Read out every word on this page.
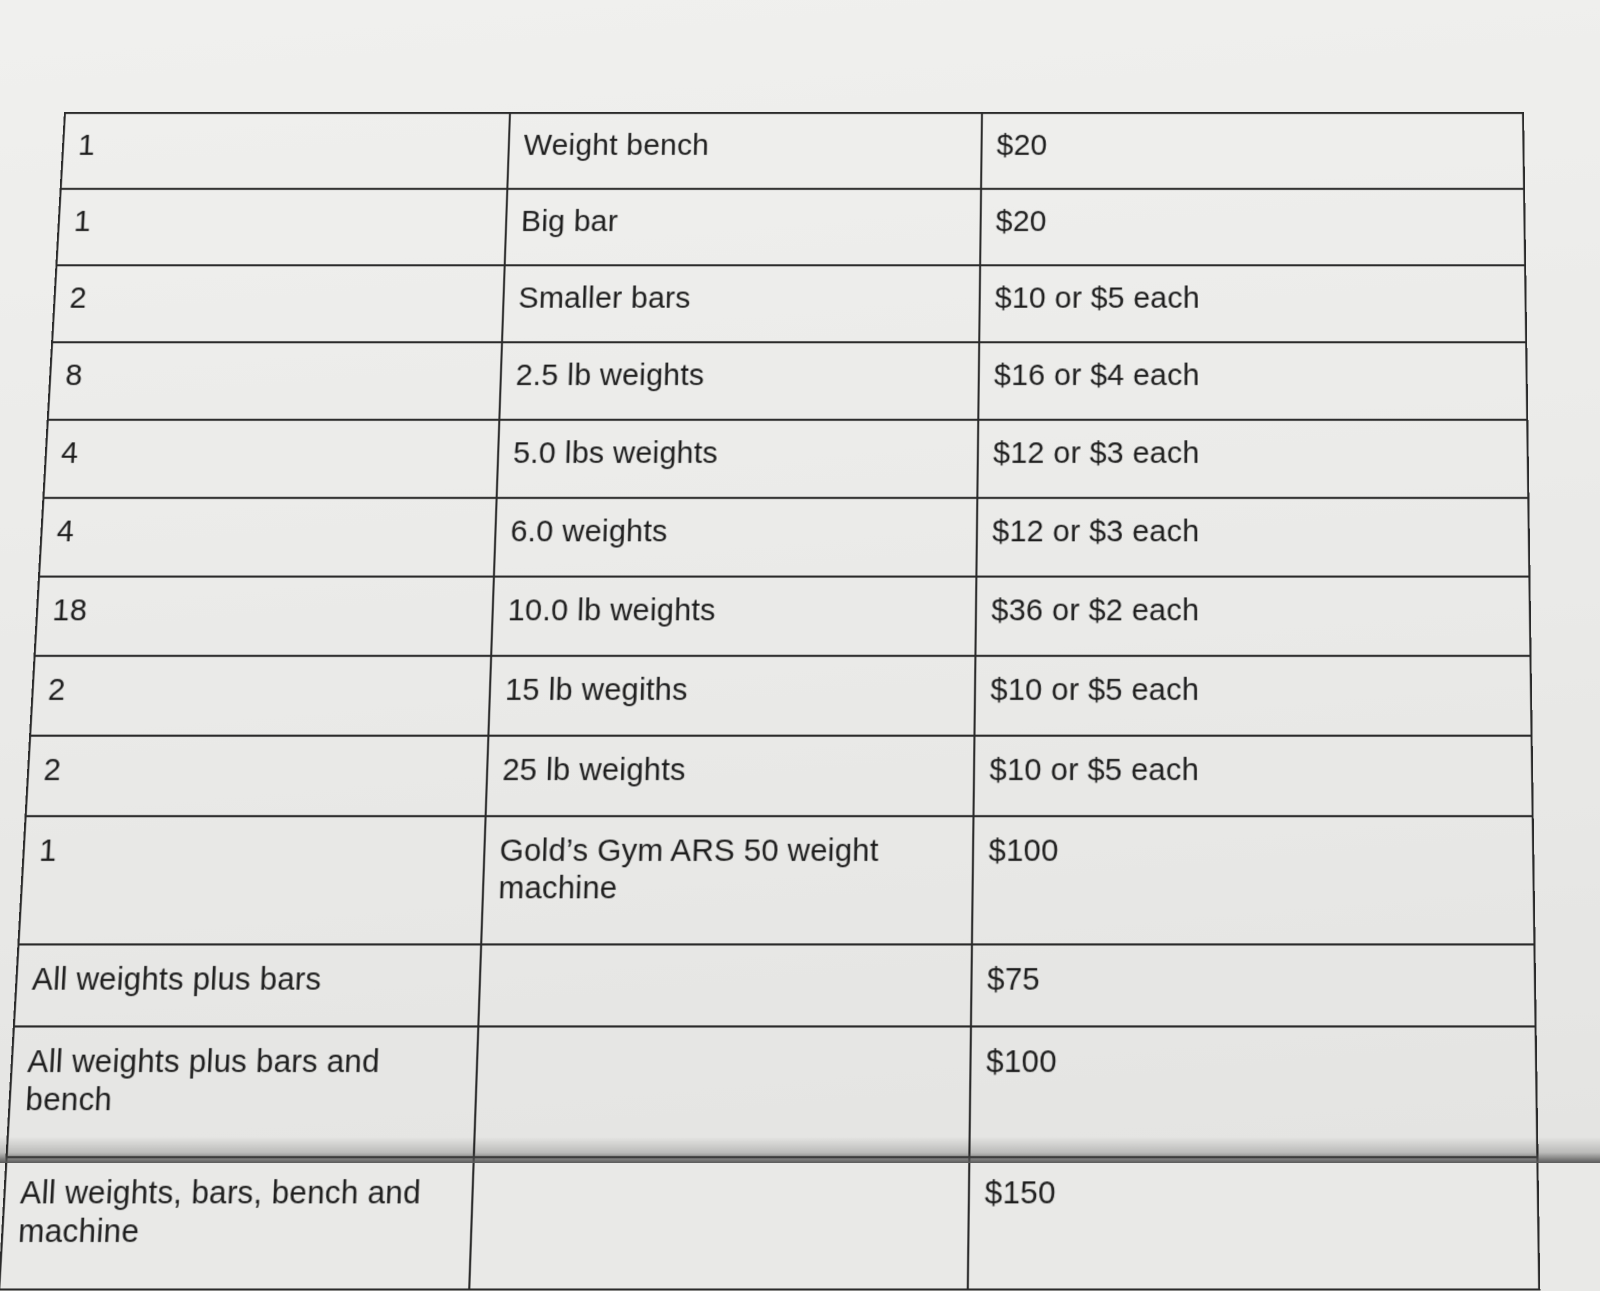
1	Weight bench	$20
1	Big bar	$20
2	Smaller bars	$10 or $5 each
8	2.5 lb weights	$16 or $4 each
4	5.0 lbs weights	$12 or $3 each
4	6.0 weights	$12 or $3 each
18	10.0 lb weights	$36 or $2 each
2	15 lb wegiths	$10 or $5 each
2	25 lb weights	$10 or $5 each
1	Gold’s Gym ARS 50 weight machine	$100
All weights plus bars		$75
All weights plus bars and bench		$100
All weights, bars, bench and machine		$150
